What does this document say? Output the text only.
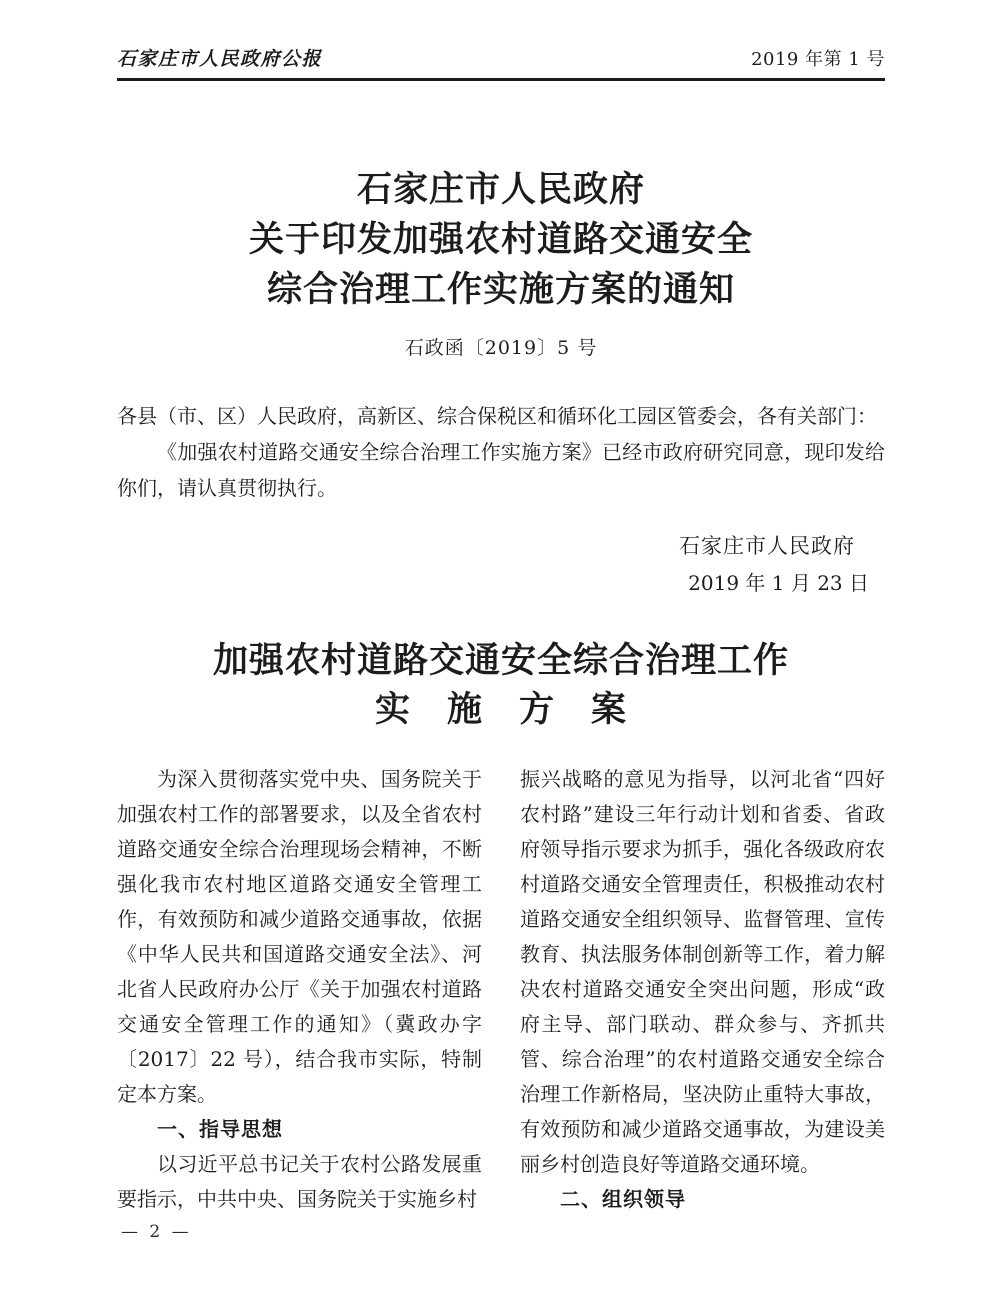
石家庄市人民政府公报	2019 年第 1 号
石家庄市人民政府
关于印发加强农村道路交通安全
综合治理工作实施方案的通知
石政函〔2019〕5 号

各县（市、区）人民政府，高新区、综合保税区和循环化工园区管委会，各有关部门：

《加强农村道路交通安全综合治理工作实施方案》已经市政府研究同意，现印发给你们，请认真贯彻执行。

石家庄市人民政府
2019 年 1 月 23 日
加强农村道路交通安全综合治理工作
实　施　方　案

为深入贯彻落实党中央、国务院关于加强农村工作的部署要求，以及全省农村道路交通安全综合治理现场会精神，不断强化我市农村地区道路交通安全管理工作，有效预防和减少道路交通事故，依据《中华人民共和国道路交通安全法》、河北省人民政府办公厅《关于加强农村道路交通安全管理工作的通知》（冀政办字〔2017〕22 号），结合我市实际，特制定本方案。

一、指导思想

以习近平总书记关于农村公路发展重要指示，中共中央、国务院关于实施乡村

振兴战略的意见为指导，以河北省“四好农村路”建设三年行动计划和省委、省政府领导指示要求为抓手，强化各级政府农村道路交通安全管理责任，积极推动农村道路交通安全组织领导、监督管理、宣传教育、执法服务体制创新等工作，着力解决农村道路交通安全突出问题，形成“政府主导、部门联动、群众参与、齐抓共管、综合治理”的农村道路交通安全综合治理工作新格局，坚决防止重特大事故，有效预防和减少道路交通事故，为建设美丽乡村创造良好等道路交通环境。

二、组织领导

— 2 —
